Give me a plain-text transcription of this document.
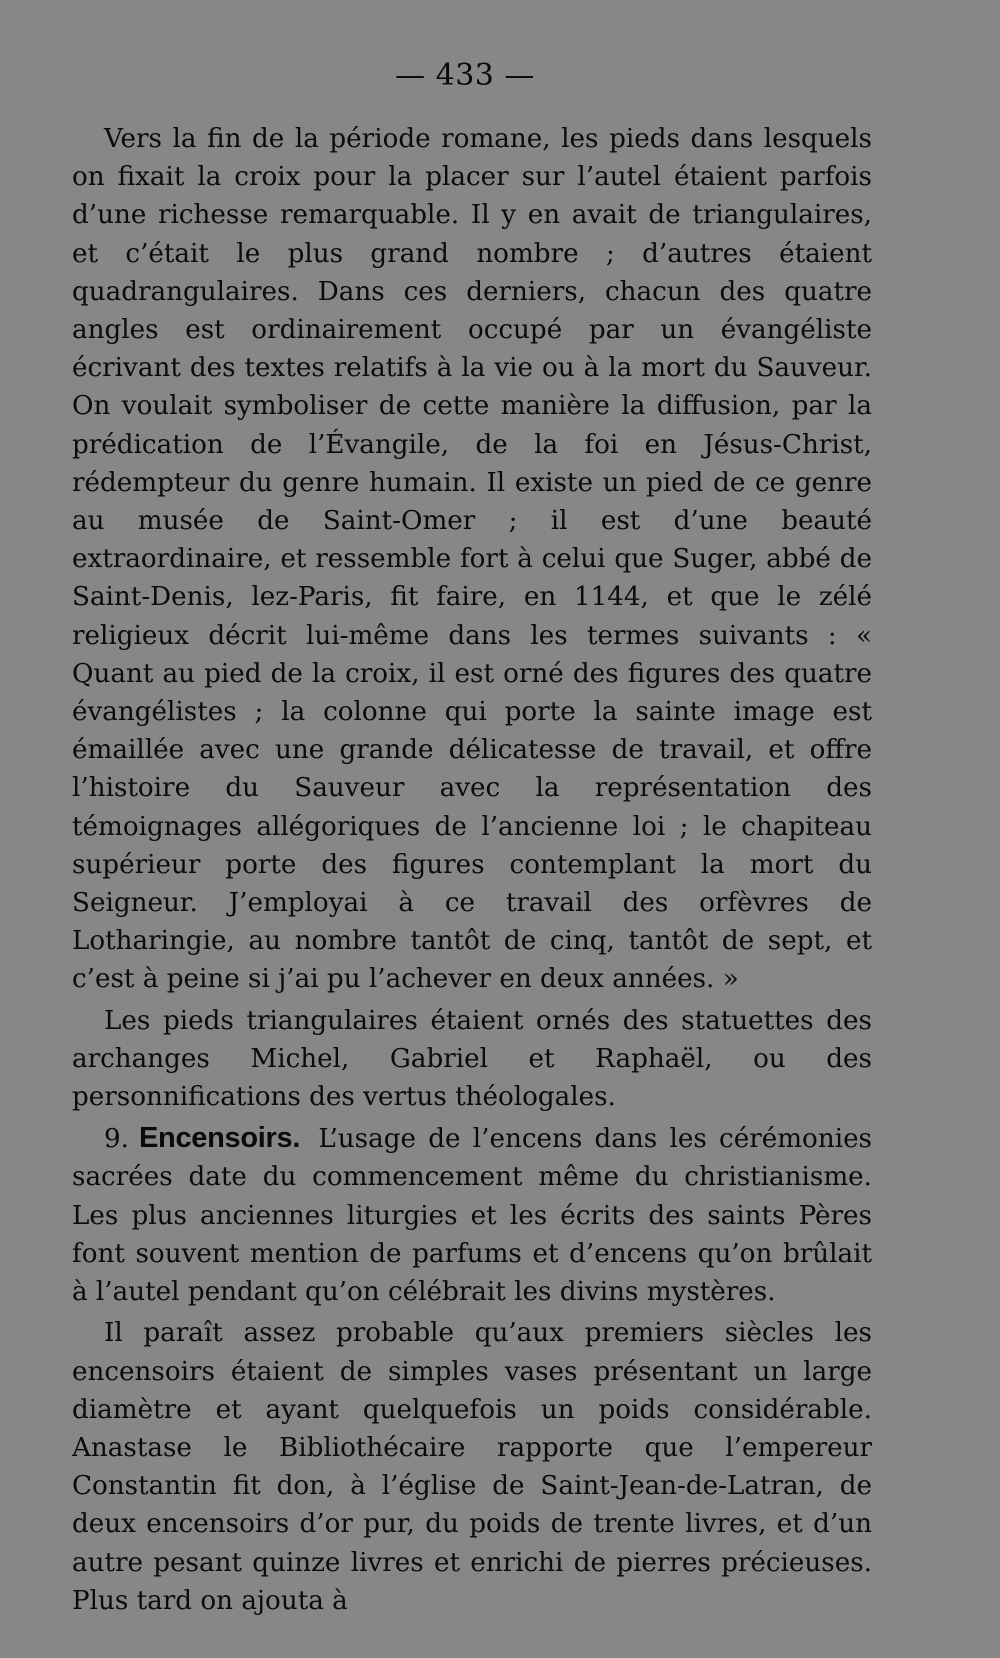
— 433 —

Vers la fin de la période romane, les pieds dans lesquels on fixait la croix pour la placer sur l’autel étaient parfois d’une richesse remarquable. Il y en avait de triangulaires, et c’était le plus grand nombre ; d’autres étaient quadrangulaires. Dans ces derniers, chacun des quatre angles est ordinairement occupé par un évangéliste écrivant des textes relatifs à la vie ou à la mort du Sauveur. On voulait symboliser de cette manière la diffusion, par la prédication de l’Évangile, de la foi en Jésus-Christ, rédempteur du genre humain. Il existe un pied de ce genre au musée de Saint-Omer ; il est d’une beauté extraordinaire, et ressemble fort à celui que Suger, abbé de Saint-Denis, lez-Paris, fit faire, en 1144, et que le zélé religieux décrit lui-même dans les termes suivants : « Quant au pied de la croix, il est orné des figures des quatre évangélistes ; la colonne qui porte la sainte image est émaillée avec une grande délicatesse de travail, et offre l’histoire du Sauveur avec la représentation des témoignages allégoriques de l’ancienne loi ; le chapiteau supérieur porte des figures contemplant la mort du Seigneur. J’employai à ce travail des orfèvres de Lotharingie, au nombre tantôt de cinq, tantôt de sept, et c’est à peine si j’ai pu l’achever en deux années. »

Les pieds triangulaires étaient ornés des statuettes des archanges Michel, Gabriel et Raphaël, ou des personnifications des vertus théologales.

9. Encensoirs. L’usage de l’encens dans les cérémonies sacrées date du commencement même du christianisme. Les plus anciennes liturgies et les écrits des saints Pères font souvent mention de parfums et d’encens qu’on brûlait à l’autel pendant qu’on célébrait les divins mystères.

Il paraît assez probable qu’aux premiers siècles les encensoirs étaient de simples vases présentant un large diamètre et ayant quelquefois un poids considérable. Anastase le Bibliothécaire rapporte que l’empereur Constantin fit don, à l’église de Saint-Jean-de-Latran, de deux encensoirs d’or pur, du poids de trente livres, et d’un autre pesant quinze livres et enrichi de pierres précieuses. Plus tard on ajouta à
